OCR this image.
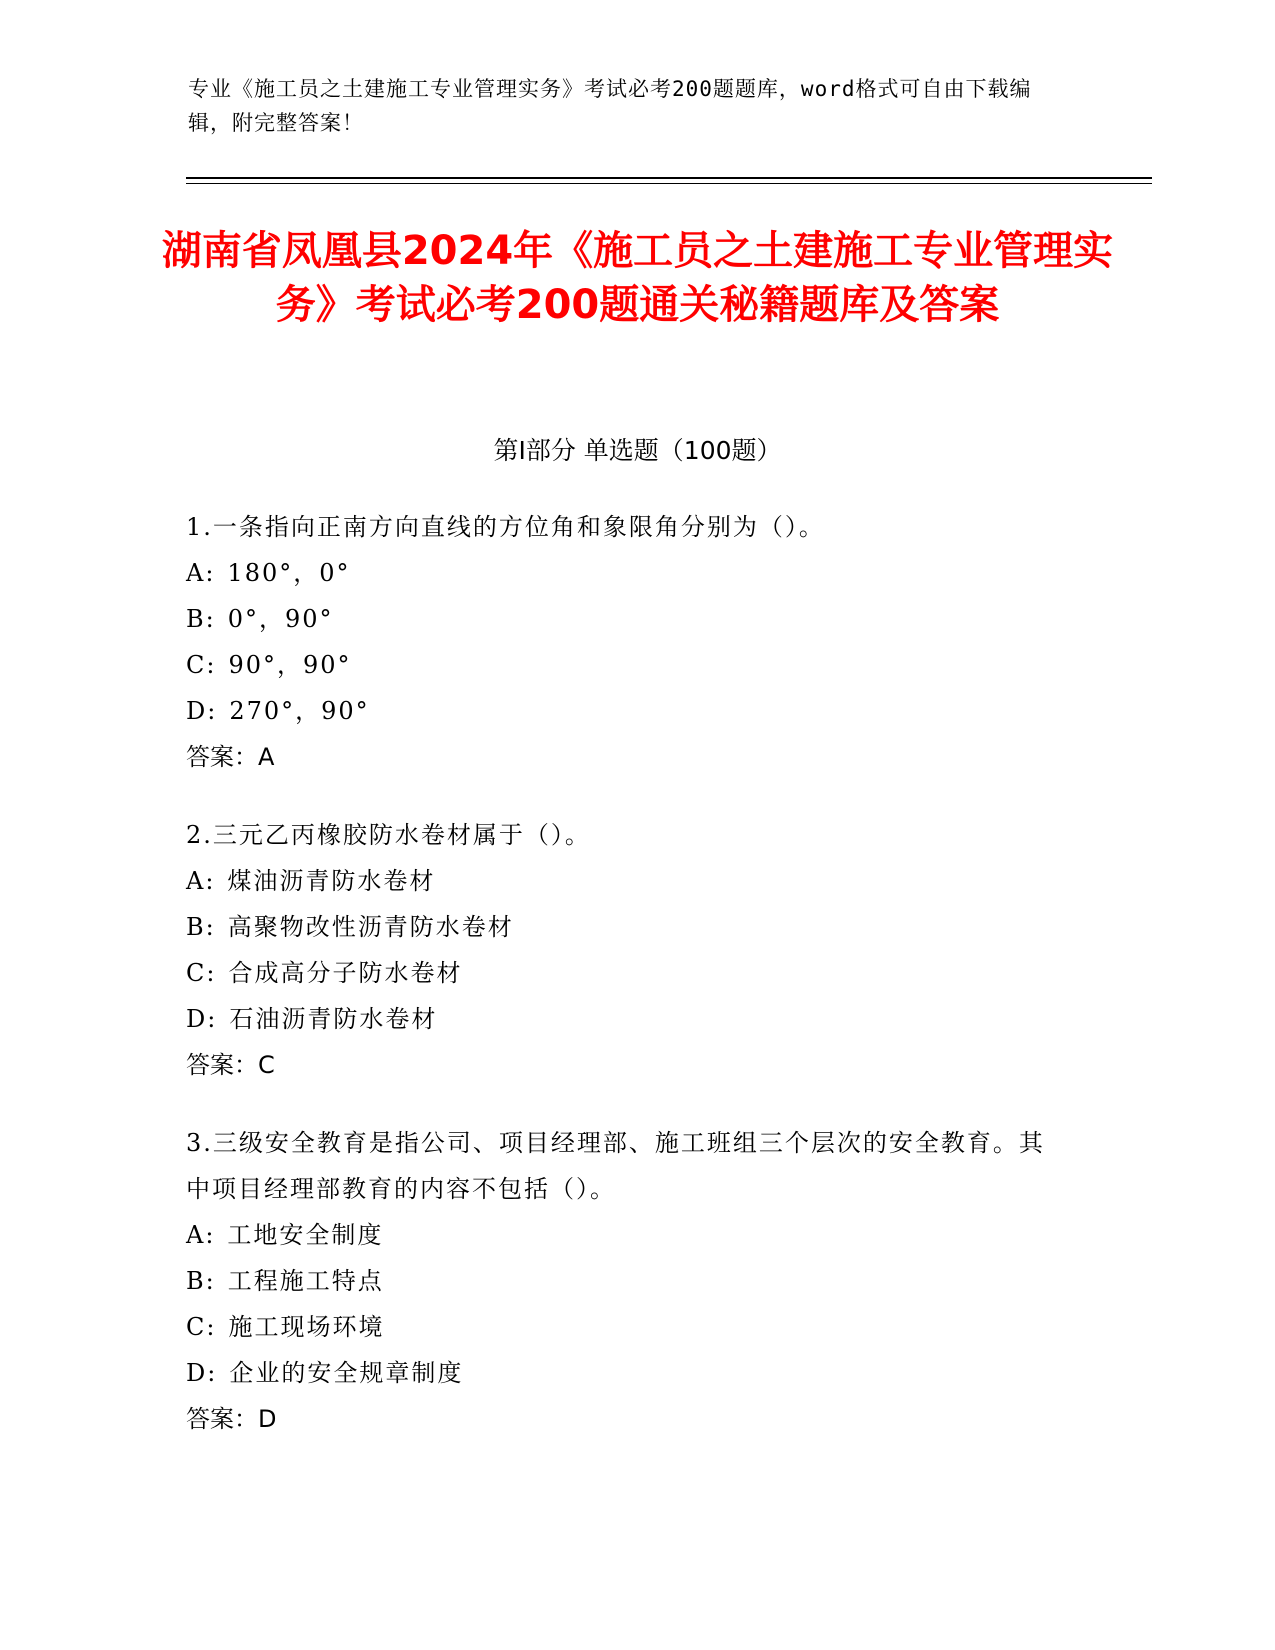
专业《施工员之土建施工专业管理实务》考试必考200题题库，word格式可自由下载编辑，附完整答案！
湖南省凤凰县2024年《施工员之土建施工专业管理实务》考试必考200题通关秘籍题库及答案
第Ⅰ部分 单选题（100题）
1.一条指向正南方向直线的方位角和象限角分别为（）。
A: 180°，0°
B: 0°，90°
C: 90°，90°
D: 270°，90°
答案：A
2.三元乙丙橡胶防水卷材属于（）。
A: 煤油沥青防水卷材
B: 高聚物改性沥青防水卷材
C: 合成高分子防水卷材
D: 石油沥青防水卷材
答案：C
3.三级安全教育是指公司、项目经理部、施工班组三个层次的安全教育。其中项目经理部教育的内容不包括（）。
A: 工地安全制度
B: 工程施工特点
C: 施工现场环境
D: 企业的安全规章制度
答案：D
